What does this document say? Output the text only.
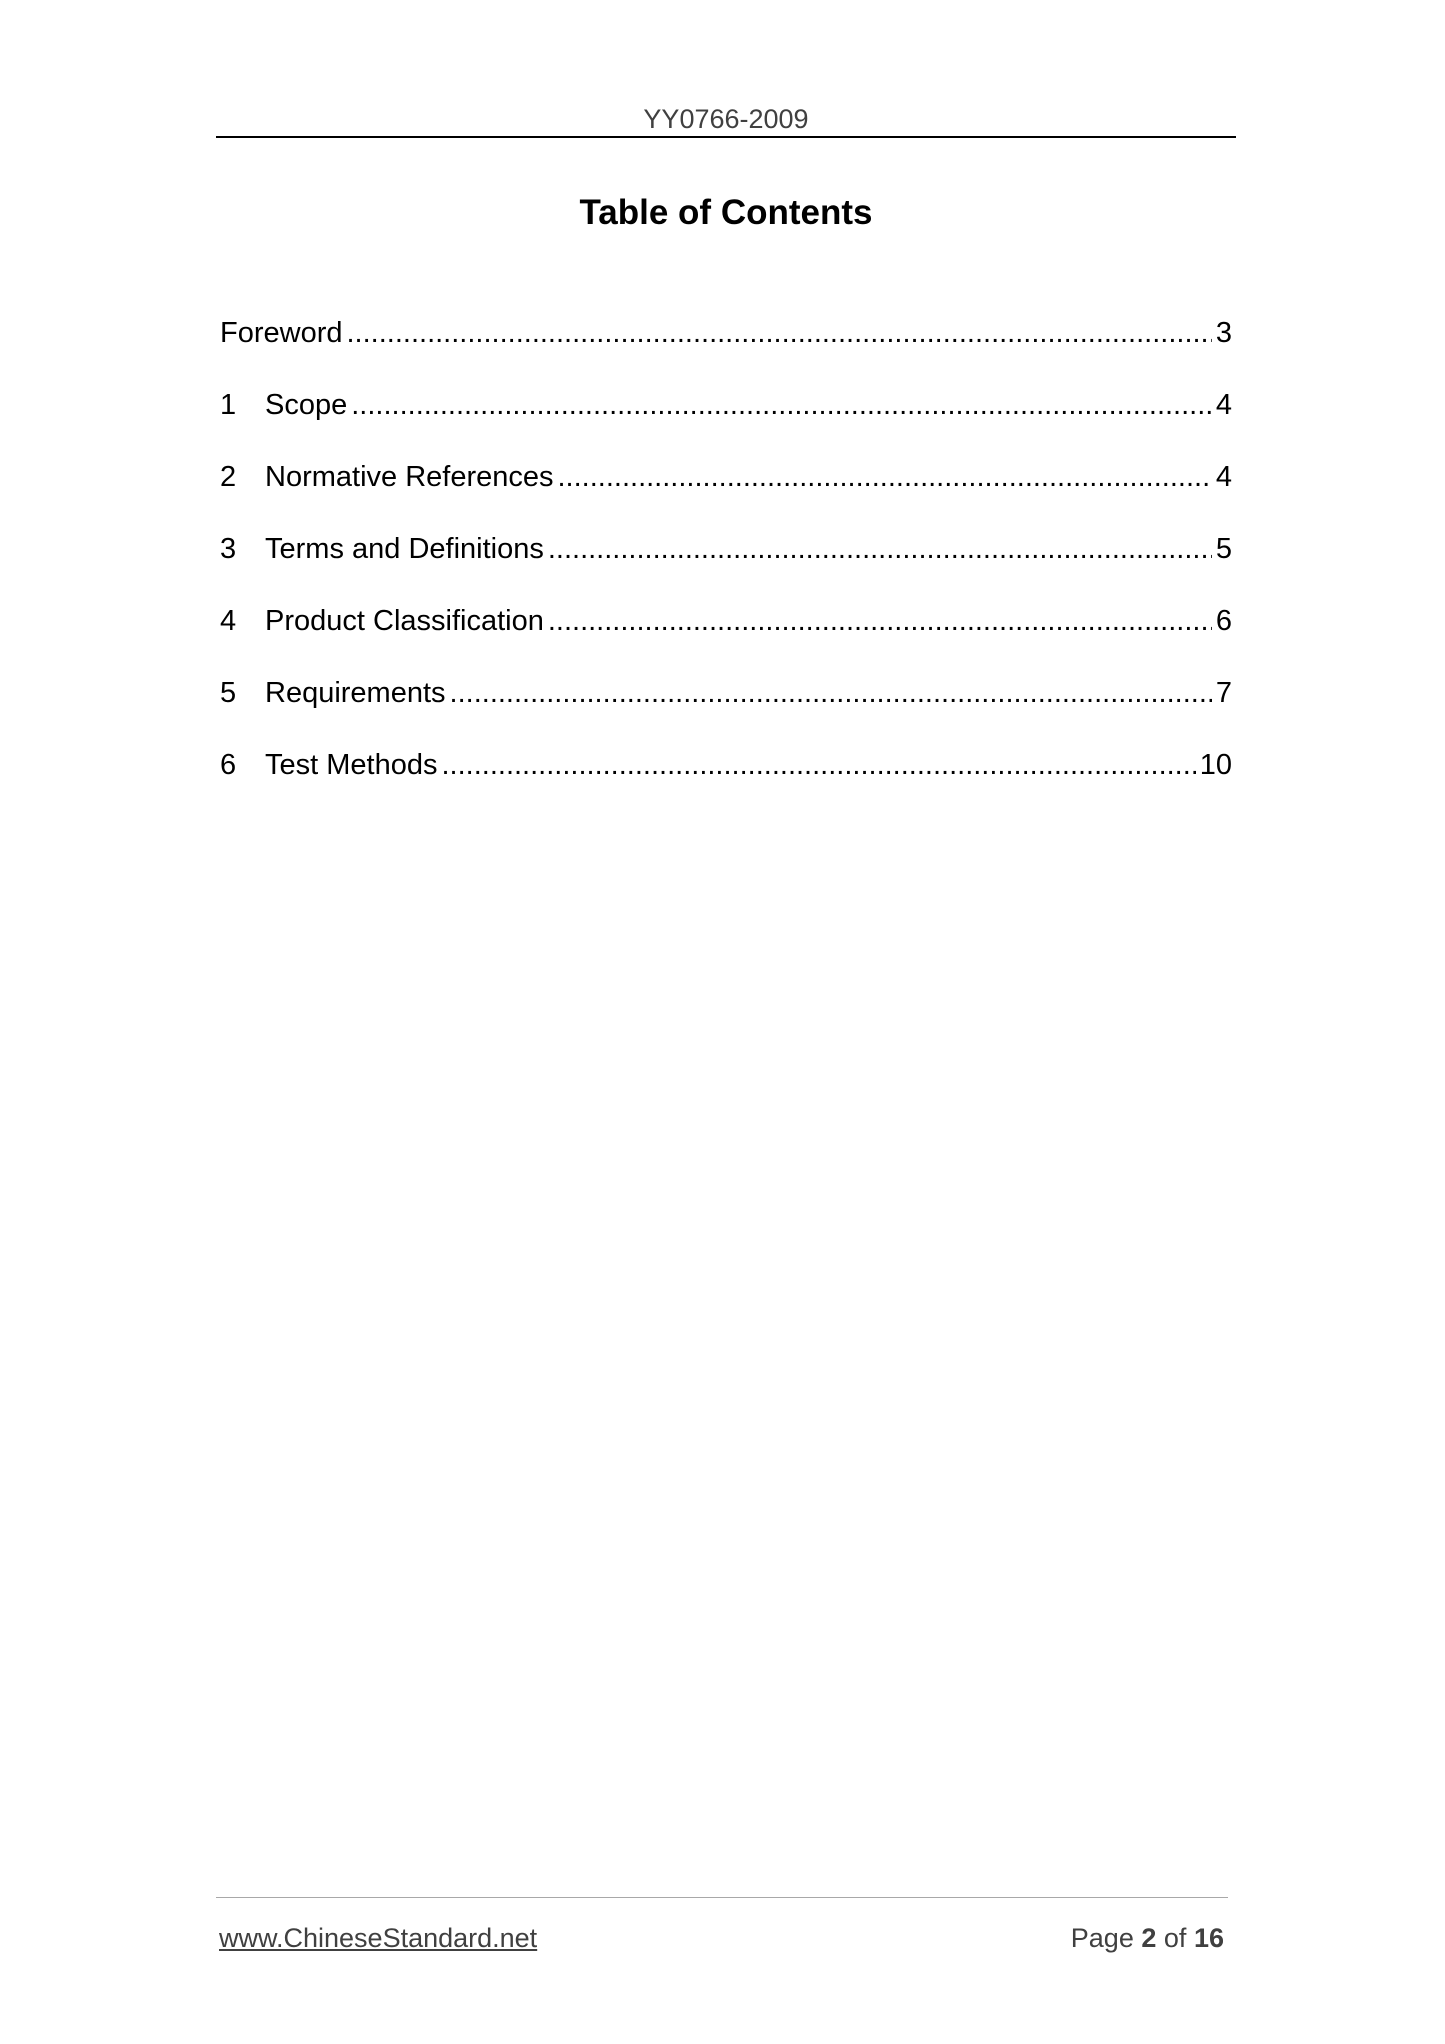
YY0766-2009
Table of Contents
Foreword .....	3
1 Scope .....	4
2 Normative References .....	4
3 Terms and Definitions .....	5
4 Product Classification .....	6
5 Requirements .....	7
6 Test Methods .....	10
www.ChineseStandard.net	Page 2 of 16
